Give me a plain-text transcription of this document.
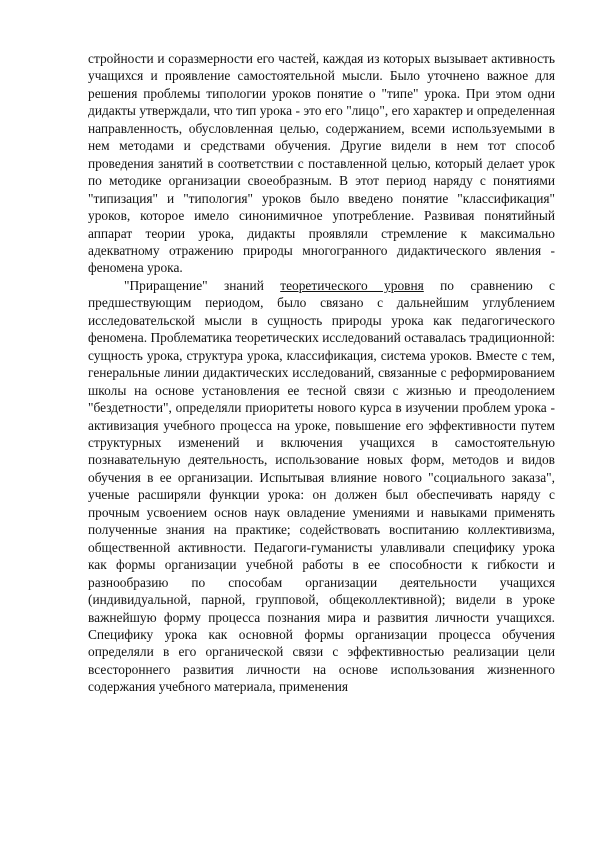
стройности и соразмерности его частей, каждая из которых вызывает активность учащихся и проявление самостоятельной мысли. Было уточнено важное для решения проблемы типологии уроков понятие о "типе" урока. При этом одни дидакты утверждали, что тип урока - это его "лицо", его характер и определенная направленность, обусловленная целью, содержанием, всеми используемыми в нем методами и средствами обучения. Другие видели в нем тот способ проведения занятий в соответствии с поставленной целью, который делает урок по методике организации своеобразным. В этот период наряду с понятиями "типизация" и "типология" уроков было введено понятие "классификация" уроков, которое имело синонимичное употребление. Развивая понятийный аппарат теории урока, дидакты проявляли стремление к максимально адекватному отражению природы многогранного дидактического явления - феномена урока.

"Приращение" знаний теоретического уровня по сравнению с предшествующим периодом, было связано с дальнейшим углублением исследовательской мысли в сущность природы урока как педагогического феномена. Проблематика теоретических исследований оставалась традиционной: сущность урока, структура урока, классификация, система уроков. Вместе с тем, генеральные линии дидактических исследований, связанные с реформированием школы на основе установления ее тесной связи с жизнью и преодолением "бездетности", определяли приоритеты нового курса в изучении проблем урока - активизация учебного процесса на уроке, повышение его эффективности путем структурных изменений и включения учащихся в самостоятельную познавательную деятельность, использование новых форм, методов и видов обучения в ее организации. Испытывая влияние нового "социального заказа", ученые расширяли функции урока: он должен был обеспечивать наряду с прочным усвоением основ наук овладение умениями и навыками применять полученные знания на практике; содействовать воспитанию коллективизма, общественной активности. Педагоги-гуманисты улавливали специфику урока как формы организации учебной работы в ее способности к гибкости и разнообразию по способам организации деятельности учащихся (индивидуальной, парной, групповой, общеколлективной); видели в уроке важнейшую форму процесса познания мира и развития личности учащихся. Специфику урока как основной формы организации процесса обучения определяли в его органической связи с эффективностью реализации цели всестороннего развития личности на основе использования жизненного содержания учебного материала, применения
